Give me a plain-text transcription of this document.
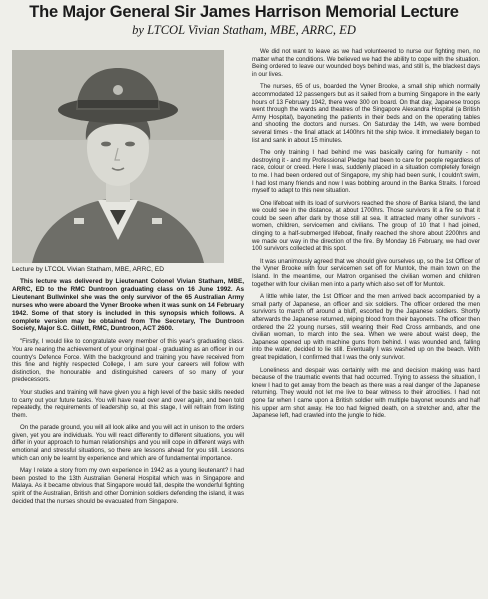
The Major General Sir James Harrison Memorial Lecture
by LTCOL Vivian Statham, MBE, ARRC, ED
Lecture by LTCOL Vivian Statham, MBE, ARRC, ED

This lecture was delivered by Lieutenant Colonel Vivian Statham, MBE, ARRC, ED to the RMC Duntroon graduating class on 16 June 1992. As Lieutenant Bullwinkel she was the only survivor of the 65 Australian Army nurses who were aboard the Vyner Brooke when it was sunk on 14 February 1942. Some of that story is included in this synopsis which follows. A complete version may be obtained from The Secretary, The Duntroon Society, Major S.C. Gillett, RMC, Duntroon, ACT 2600.

"Firstly, I would like to congratulate every member of this year's graduating class. You are nearing the achievement of your original goal - graduating as an officer in our country's Defence Force. With the background and training you have received from this fine and highly respected College, I am sure your careers will follow with distinction, the honourable and distinguished careers of so many of your predecessors.

Your studies and training will have given you a high level of the basic skills needed to carry out your future tasks. You will have read over and over again, and been told repeatedly, the requirements of leadership so, at this stage, I will refrain from listing them.

On the parade ground, you will all look alike and you will act in unison to the orders given, yet you are individuals. You will react differently to different situations, you will differ in your approach to human relationships and you will cope in different ways with emotional and stressful situations, so there are lessons ahead for you still. Lessons which can only be learnt by experience and which are of fundamental importance.

May I relate a story from my own experience in 1942 as a young lieutenant? I had been posted to the 13th Australian General Hospital which was in Singapore and Malaya. As it became obvious that Singapore would fall, despite the wonderful fighting spirit of the Australian, British and other Dominion soldiers defending the island, it was decided that the nurses should be evacuated from Singapore.

We did not want to leave as we had volunteered to nurse our fighting men, no matter what the conditions. We believed we had the ability to cope with the situation. Being ordered to leave our wounded boys behind was, and still is, the blackest days in our lives.

The nurses, 65 of us, boarded the Vyner Brooke, a small ship which normally accommodated 12 passengers but as it sailed from a burning Singapore in the early hours of 13 February 1942, there were 300 on board. On that day, Japanese troops went through the wards and theatres of the Singapore Alexandra Hospital (a British Army Hospital), bayoneting the patients in their beds and on the operating tables and shooting the doctors and nurses. On Saturday the 14th, we were bombed several times - the final attack at 1400hrs hit the ship twice. It immediately began to list and sank in about 15 minutes.

The only training I had behind me was basically caring for humanity - not destroying it - and my Professional Pledge had been to care for people regardless of race, colour or creed. Here I was, suddenly placed in a situation completely foreign to me. I had been ordered out of Singapore, my ship had been sunk, I couldn't swim, I had lost many friends and now I was bobbing around in the Banka Straits. I forced myself to adapt to this new situation.

One lifeboat with its load of survivors reached the shore of Banka Island, the land we could see in the distance, at about 1700hrs. Those survivors lit a fire so that it could be seen after dark by those still at sea. It attracted many other survivors - women, children, servicemen and civilians. The group of 10 that I had joined, clinging to a half-submerged lifeboat, finally reached the shore about 2200hrs and we made our way in the direction of the fire. By Monday 16 February, we had over 100 survivors collected at this spot.

It was unanimously agreed that we should give ourselves up, so the 1st Officer of the Vyner Brooke with four servicemen set off for Muntok, the main town on the Island. In the meantime, our Matron organised the civilian women and children together with four civilian men into a party which also set off for Muntok.

A little while later, the 1st Officer and the men arrived back accompanied by a small party of Japanese, an officer and six soldiers. The officer ordered the men survivors to march off around a bluff, escorted by the Japanese soldiers. Shortly afterwards the Japanese returned, wiping blood from their bayonets. The officer then ordered the 22 young nurses, still wearing their Red Cross armbands, and one civilian woman, to march into the sea. When we were about waist deep, the Japanese opened up with machine guns from behind. I was wounded and, falling into the water, decided to lie still. Eventually I was washed up on the beach. With great trepidation, I confirmed that I was the only survivor.

Loneliness and despair was certainly with me and decision making was hard because of the traumatic events that had occurred. Trying to assess the situation, I knew I had to get away from the beach as there was a real danger of the Japanese returning. They would not let me live to bear witness to their atrocities. I had not gone far when I came upon a British soldier with multiple bayonet wounds and half his upper arm shot away. He too had feigned death, on a stretcher and, after the Japanese left, had crawled into the jungle to hide.
